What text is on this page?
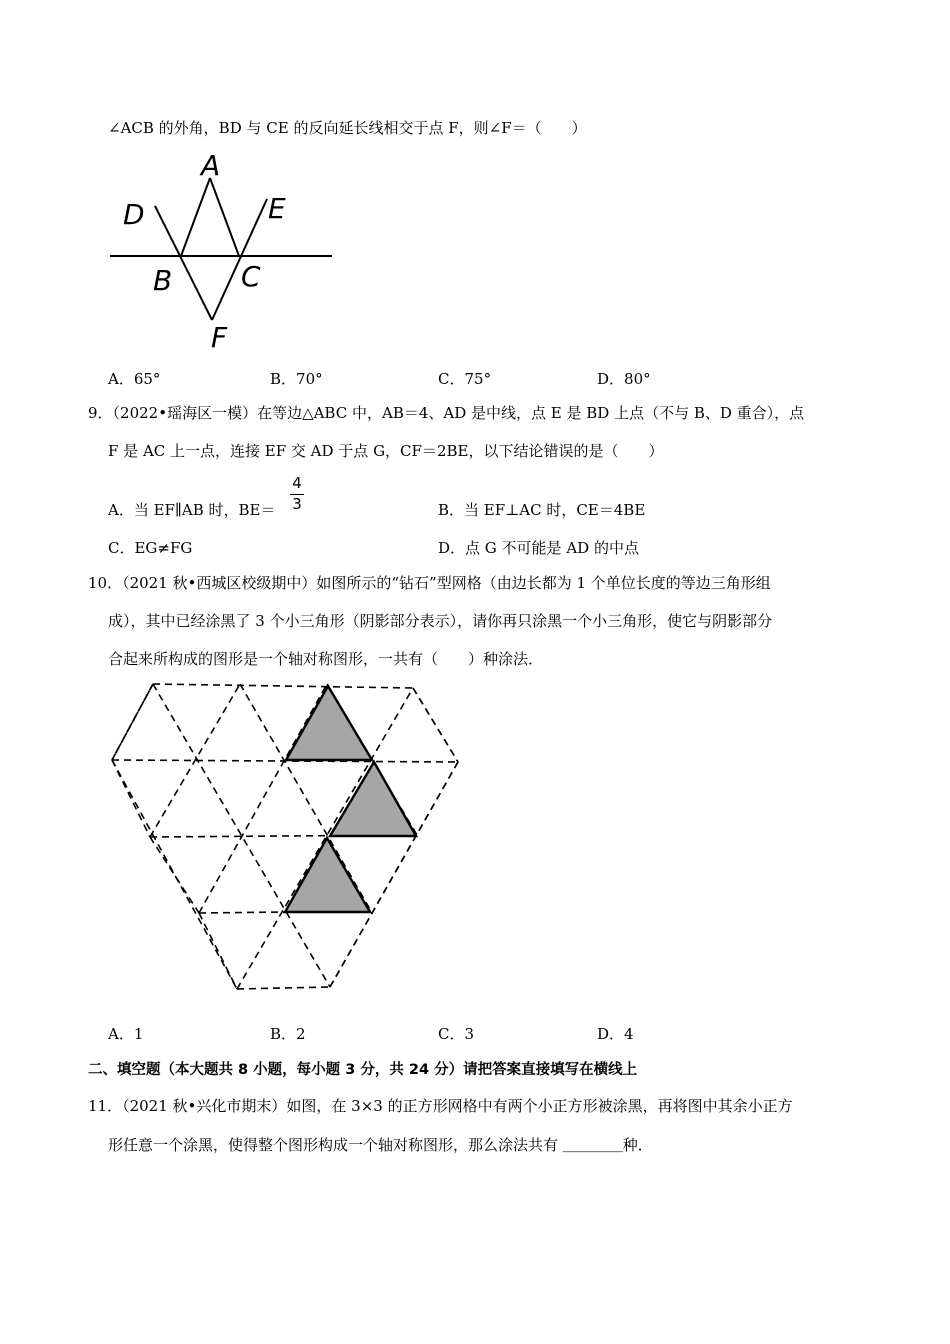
∠ACB 的外角，BD 与 CE 的反向延长线相交于点 F，则∠F＝（　　）
A
D	E
B C
F
A．65°	B．70°	C．75°	D．80°
9．（2022•瑶海区一模）在等边△ABC 中，AB＝4、AD 是中线，点 E 是 BD 上点（不与 B、D 重合），点
F 是 AC 上一点，连接 EF 交 AD 于点 G，CF＝2BE，以下结论错误的是（　　）
A．当 EF∥AB 时，BE＝
4
3	B．当 EF⊥AC 时，CE＝4BE
C．EG≠FG	D．点 G 不可能是 AD 的中点
10．（2021 秋•西城区校级期中）如图所示的“钻石”型网格（由边长都为 1 个单位长度的等边三角形组
成），其中已经涂黑了 3 个小三角形（阴影部分表示），请你再只涂黑一个小三角形，使它与阴影部分
合起来所构成的图形是一个轴对称图形，一共有（　　）种涂法．
A．1	B．2	C．3	D．4
二、填空题（本大题共 8 小题，每小题 3 分，共 24 分）请把答案直接填写在横线上
11．（2021 秋•兴化市期末）如图，在 3×3 的正方形网格中有两个小正方形被涂黑，再将图中其余小正方
形任意一个涂黑，使得整个图形构成一个轴对称图形，那么涂法共有 ＿＿＿＿种．
